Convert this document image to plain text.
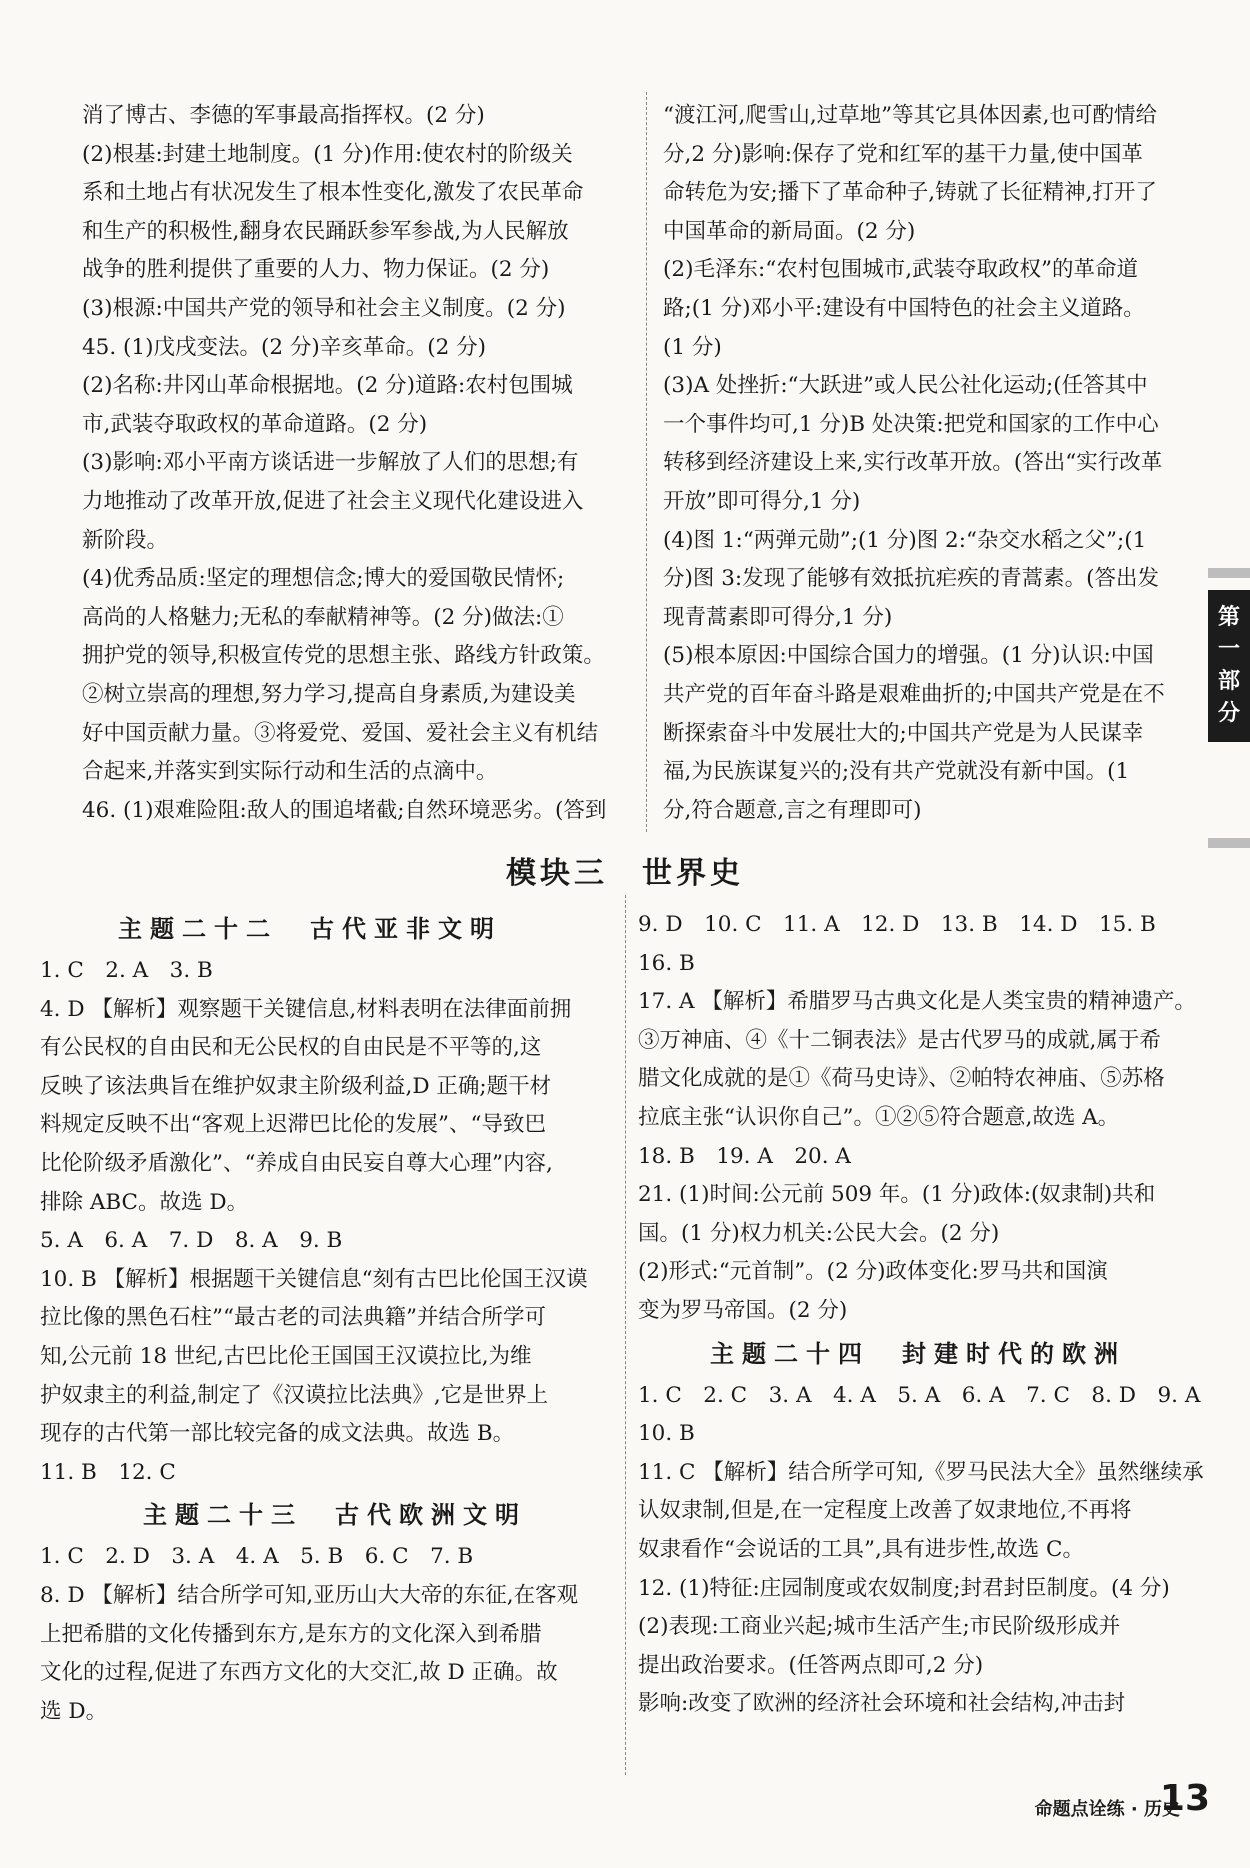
消了博古、李德的军事最高指挥权。(2 分)

(2)根基:封建土地制度。(1 分)作用:使农村的阶级关

系和土地占有状况发生了根本性变化,激发了农民革命

和生产的积极性,翻身农民踊跃参军参战,为人民解放

战争的胜利提供了重要的人力、物力保证。(2 分)

(3)根源:中国共产党的领导和社会主义制度。(2 分)

45. (1)戊戌变法。(2 分)辛亥革命。(2 分)

(2)名称:井冈山革命根据地。(2 分)道路:农村包围城

市,武装夺取政权的革命道路。(2 分)

(3)影响:邓小平南方谈话进一步解放了人们的思想;有

力地推动了改革开放,促进了社会主义现代化建设进入

新阶段。

(4)优秀品质:坚定的理想信念;博大的爱国敬民情怀;

高尚的人格魅力;无私的奉献精神等。(2 分)做法:①

拥护党的领导,积极宣传党的思想主张、路线方针政策。

②树立崇高的理想,努力学习,提高自身素质,为建设美

好中国贡献力量。③将爱党、爱国、爱社会主义有机结

合起来,并落实到实际行动和生活的点滴中。

46. (1)艰难险阻:敌人的围追堵截;自然环境恶劣。(答到

“渡江河,爬雪山,过草地”等其它具体因素,也可酌情给

分,2 分)影响:保存了党和红军的基干力量,使中国革

命转危为安;播下了革命种子,铸就了长征精神,打开了

中国革命的新局面。(2 分)

(2)毛泽东:“农村包围城市,武装夺取政权”的革命道

路;(1 分)邓小平:建设有中国特色的社会主义道路。

(1 分)

(3)A 处挫折:“大跃进”或人民公社化运动;(任答其中

一个事件均可,1 分)B 处决策:把党和国家的工作中心

转移到经济建设上来,实行改革开放。(答出“实行改革

开放”即可得分,1 分)

(4)图 1:“两弹元勋”;(1 分)图 2:“杂交水稻之父”;(1

分)图 3:发现了能够有效抵抗疟疾的青蒿素。(答出发

现青蒿素即可得分,1 分)

(5)根本原因:中国综合国力的增强。(1 分)认识:中国

共产党的百年奋斗路是艰难曲折的;中国共产党是在不

断探索奋斗中发展壮大的;中国共产党是为人民谋幸

福,为民族谋复兴的;没有共产党就没有新中国。(1

分,符合题意,言之有理即可)

第
一
部
分
模块三　世界史
主题二十二　古代亚非文明

1. C　2. A　3. B

4. D 【解析】观察题干关键信息,材料表明在法律面前拥

有公民权的自由民和无公民权的自由民是不平等的,这

反映了该法典旨在维护奴隶主阶级利益,D 正确;题干材

料规定反映不出“客观上迟滞巴比伦的发展”、“导致巴

比伦阶级矛盾激化”、“养成自由民妄自尊大心理”内容,

排除 ABC。故选 D。

5. A　6. A　7. D　8. A　9. B

10. B 【解析】根据题干关键信息“刻有古巴比伦国王汉谟

拉比像的黑色石柱”“最古老的司法典籍”并结合所学可

知,公元前 18 世纪,古巴比伦王国国王汉谟拉比,为维

护奴隶主的利益,制定了《汉谟拉比法典》,它是世界上

现存的古代第一部比较完备的成文法典。故选 B。

11. B　12. C

主题二十三　古代欧洲文明

1. C　2. D　3. A　4. A　5. B　6. C　7. B

8. D 【解析】结合所学可知,亚历山大大帝的东征,在客观

上把希腊的文化传播到东方,是东方的文化深入到希腊

文化的过程,促进了东西方文化的大交汇,故 D 正确。故

选 D。

9. D　10. C　11. A　12. D　13. B　14. D　15. B

16. B

17. A 【解析】希腊罗马古典文化是人类宝贵的精神遗产。

③万神庙、④《十二铜表法》是古代罗马的成就,属于希

腊文化成就的是①《荷马史诗》、②帕特农神庙、⑤苏格

拉底主张“认识你自己”。①②⑤符合题意,故选 A。

18. B　19. A　20. A

21. (1)时间:公元前 509 年。(1 分)政体:(奴隶制)共和

国。(1 分)权力机关:公民大会。(2 分)

(2)形式:“元首制”。(2 分)政体变化:罗马共和国演

变为罗马帝国。(2 分)

主题二十四　封建时代的欧洲

1. C　2. C　3. A　4. A　5. A　6. A　7. C　8. D　9. A

10. B

11. C 【解析】结合所学可知,《罗马民法大全》虽然继续承

认奴隶制,但是,在一定程度上改善了奴隶地位,不再将

奴隶看作“会说话的工具”,具有进步性,故选 C。

12. (1)特征:庄园制度或农奴制度;封君封臣制度。(4 分)

(2)表现:工商业兴起;城市生活产生;市民阶级形成并

提出政治要求。(任答两点即可,2 分)

影响:改变了欧洲的经济社会环境和社会结构,冲击封

命题点诠练 · 历史
13
